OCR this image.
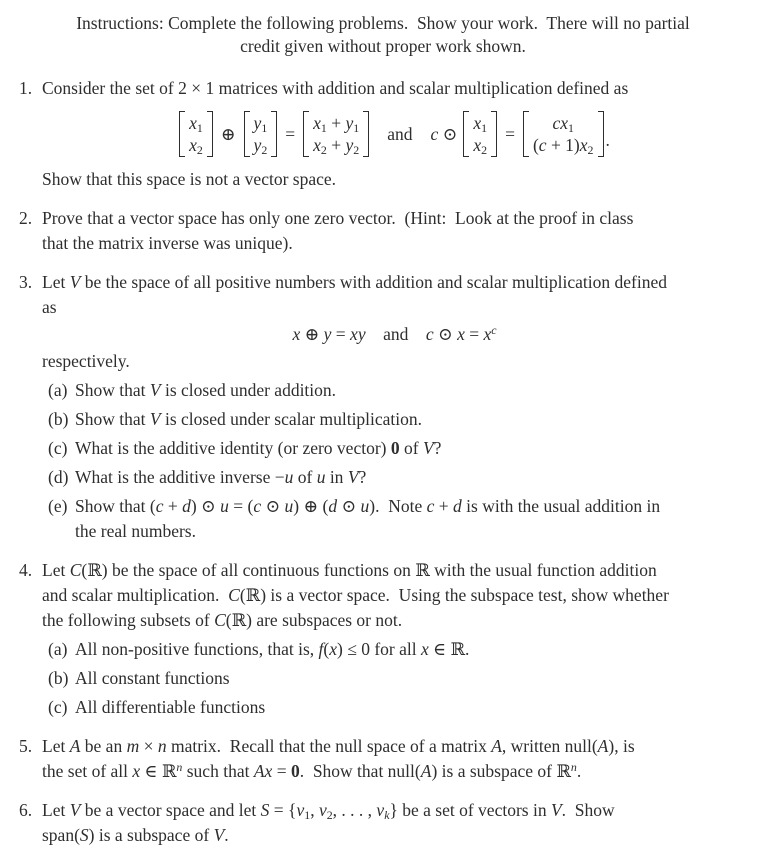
Instructions: Complete the following problems.  Show your work.  There will no partial
credit given without proper work shown.

1. Consider the set of 2 × 1 matrices with addition and scalar multiplication defined as

$x_1$
$x_2$
⊕
$y_1$
$y_2$
=
$x_1 + y_1$
$x_2 + y_2$
and c ⊙
$x_1$
$x_2$
=
$cx_1$
$(c + 1)x_2$ .

Show that this space is not a vector space.

2. Prove that a vector space has only one zero vector.  (Hint:  Look at the proof in class
that the matrix inverse was unique).

3. Let V be the space of all positive numbers with addition and scalar multiplication defined
as

x ⊕ y = xy    and    c ⊙ $x = x^c$

respectively.

(a) Show that V is closed under addition.

(b) Show that V is closed under scalar multiplication.

(c) What is the additive identity (or zero vector) 0 of V?

(d) What is the additive inverse −u of u in V?

(e) Show that (c + d) ⊙ u = (c ⊙ u) ⊕ (d ⊙ u).  Note c + d is with the usual addition in
the real numbers.

4. Let C(ℝ) be the space of all continuous functions on ℝ with the usual function addition
and scalar multiplication.  C(ℝ) is a vector space.  Using the subspace test, show whether
the following subsets of C(ℝ) are subspaces or not.

(a) All non-positive functions, that is, f(x) ≤ 0 for all x ∈ ℝ.

(b) All constant functions

(c) All differentiable functions

5. Let A be an m × n matrix.  Recall that the null space of a matrix A, written null(A), is
the set of all x ∈ ℝ$^n$ such that Ax = 0.  Show that null(A) is a subspace of ℝ$^n$.

6. Let V be a vector space and let $S = \{v_1$, $v_2$, . . . , $v_k$} be a set of vectors in V.  Show
span(S) is a subspace of V.
